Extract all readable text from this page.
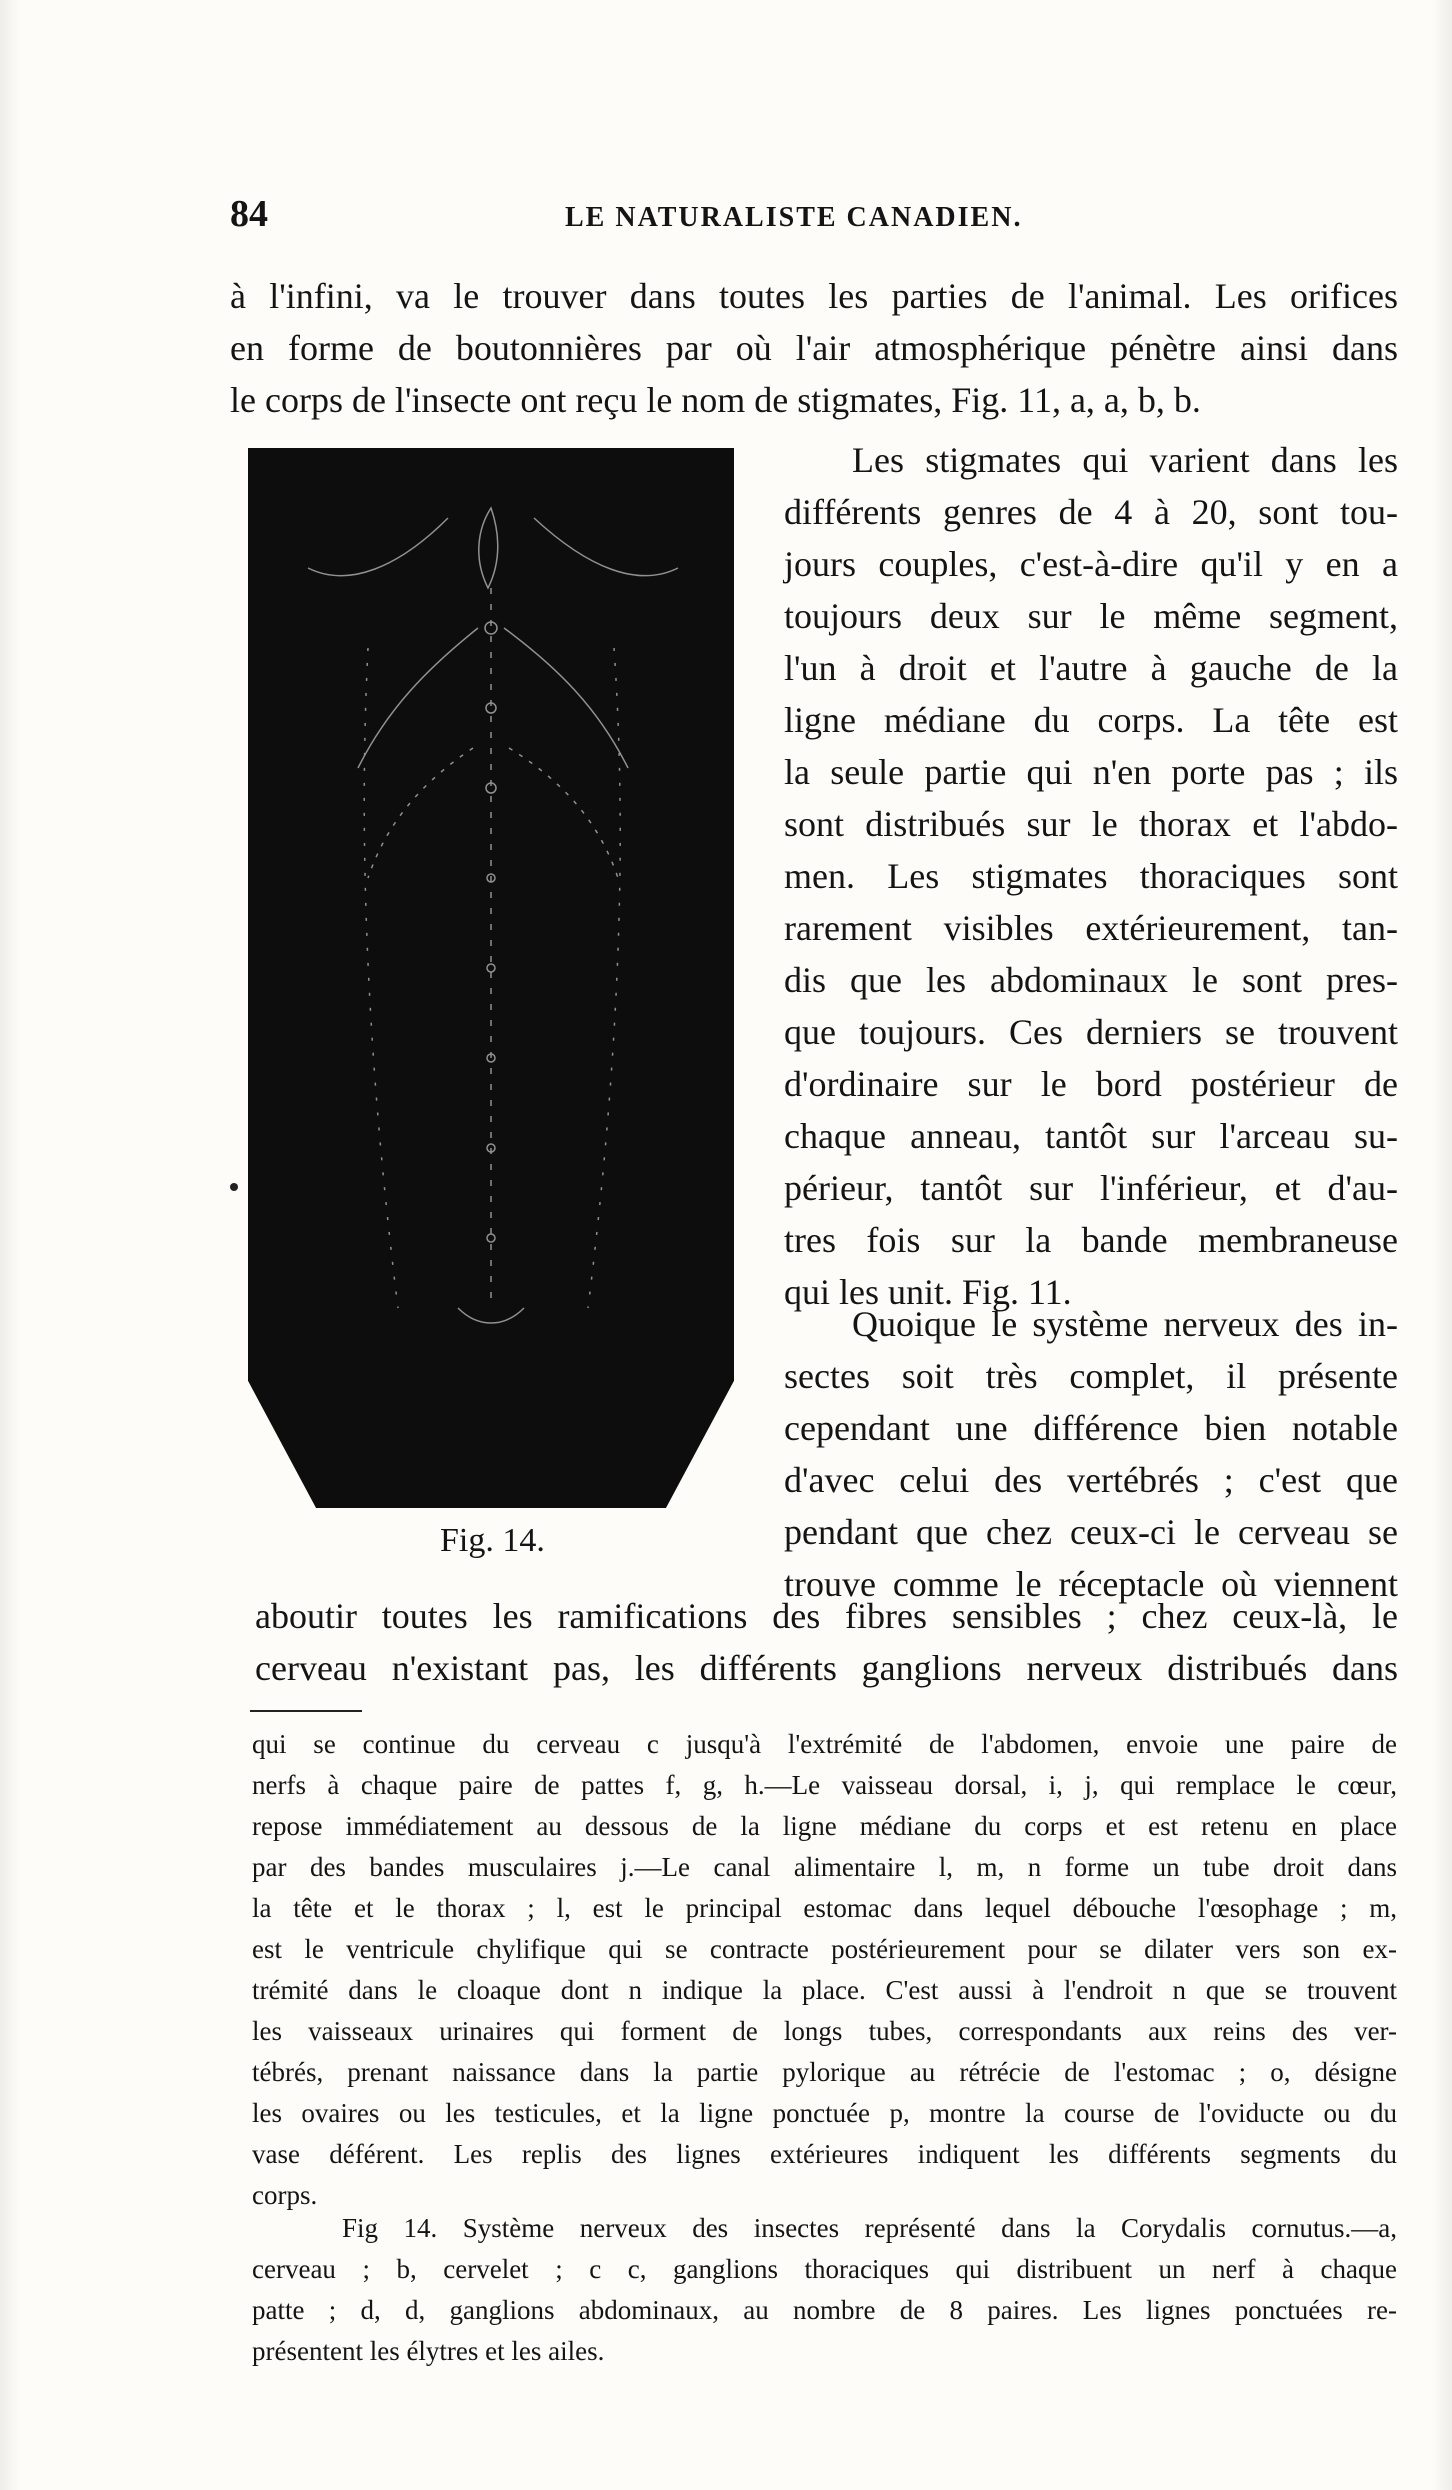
84	LE NATURALISTE CANADIEN.
à l'infini, va le trouver dans toutes les parties de l'animal. Les orifices
en forme de boutonnières par où l'air atmosphérique pénètre ainsi dans
le corps de l'insecte ont reçu le nom de stigmates, Fig. 11, a, a, b, b.
Fig. 14.
Les stigmates qui varient dans les
différents genres de 4 à 20, sont tou-
jours couples, c'est-à-dire qu'il y en a
toujours deux sur le même segment,
l'un à droit et l'autre à gauche de la
ligne médiane du corps. La tête est
la seule partie qui n'en porte pas ; ils
sont distribués sur le thorax et l'abdo-
men. Les stigmates thoraciques sont
rarement visibles extérieurement, tan-
dis que les abdominaux le sont pres-
que toujours. Ces derniers se trouvent
d'ordinaire sur le bord postérieur de
chaque anneau, tantôt sur l'arceau su-
périeur, tantôt sur l'inférieur, et d'au-
tres fois sur la bande membraneuse
qui les unit. Fig. 11.
Quoique le système nerveux des in-
sectes soit très complet, il présente
cependant une différence bien notable
d'avec celui des vertébrés ; c'est que
pendant que chez ceux-ci le cerveau se
trouve comme le réceptacle où viennent
aboutir toutes les ramifications des fibres sensibles ; chez ceux-là, le
cerveau n'existant pas, les différents ganglions nerveux distribués dans
qui se continue du cerveau c jusqu'à l'extrémité de l'abdomen, envoie une paire de
nerfs à chaque paire de pattes f, g, h.—Le vaisseau dorsal, i, j, qui remplace le cœur,
repose immédiatement au dessous de la ligne médiane du corps et est retenu en place
par des bandes musculaires j.—Le canal alimentaire l, m, n forme un tube droit dans
la tête et le thorax ; l, est le principal estomac dans lequel débouche l'œsophage ; m,
est le ventricule chylifique qui se contracte postérieurement pour se dilater vers son ex-
trémité dans le cloaque dont n indique la place. C'est aussi à l'endroit n que se trouvent
les vaisseaux urinaires qui forment de longs tubes, correspondants aux reins des ver-
tébrés, prenant naissance dans la partie pylorique au rétrécie de l'estomac ; o, désigne
les ovaires ou les testicules, et la ligne ponctuée p, montre la course de l'oviducte ou du
vase déférent. Les replis des lignes extérieures indiquent les différents segments du
corps.
Fig 14. Système nerveux des insectes représenté dans la Corydalis cornutus.—a,
cerveau ; b, cervelet ; c c, ganglions thoraciques qui distribuent un nerf à chaque
patte ; d, d, ganglions abdominaux, au nombre de 8 paires. Les lignes ponctuées re-
présentent les élytres et les ailes.
